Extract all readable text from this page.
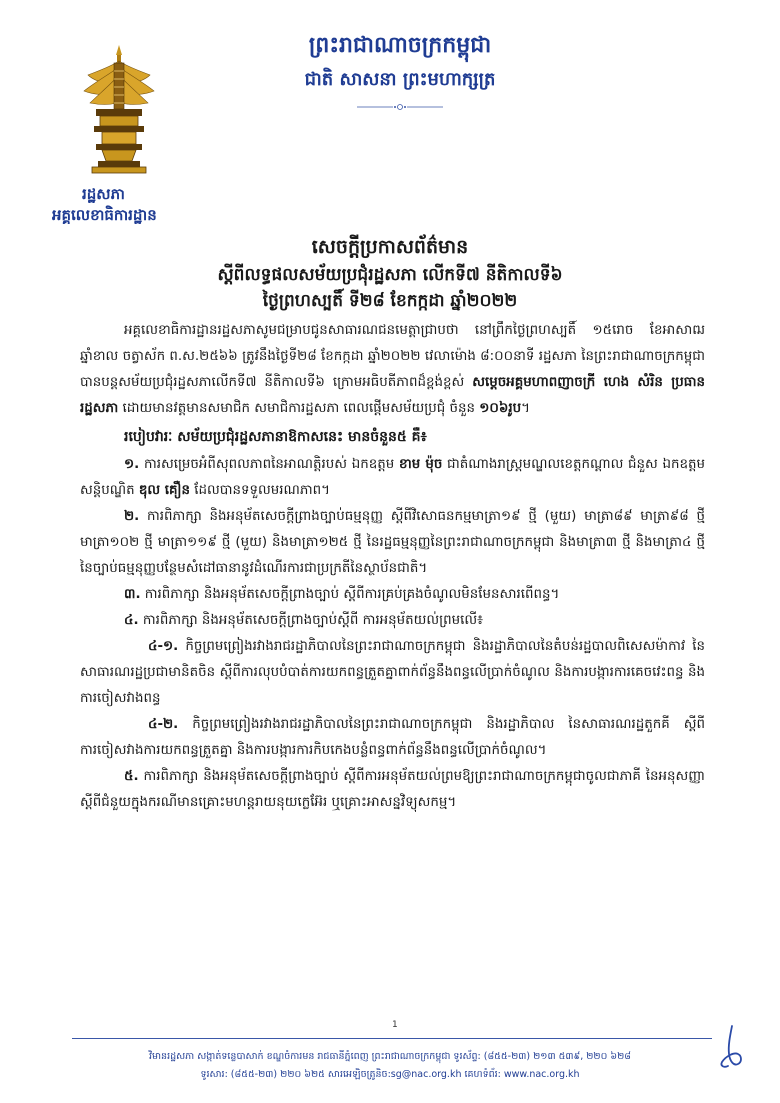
រដ្ឋសភា
អគ្គលេខាធិការដ្ឋាន
ព្រះរាជាណាចក្រកម្ពុជា
ជាតិ សាសនា ព្រះមហាក្សត្រ
សេចក្ដីប្រកាសព័ត៌មាន
ស្ដីពីលទ្ធផលសម័យប្រជុំរដ្ឋសភា លើកទី៧ នីតិកាលទី៦
ថ្ងៃព្រហស្បតិ៍ ទី២៨ ខែកក្កដា ឆ្នាំ២០២២

អគ្គលេខាធិការដ្ឋានរដ្ឋសភាសូមជម្រាបជូនសាធារណជនមេត្តាជ្រាបថា នៅព្រឹកថ្ងៃព្រហស្បតិ៍ ១៥រោច ខែអាសាឍ ឆ្នាំខាល ចត្វាស័ក ព.ស.២៥៦៦ ត្រូវនឹងថ្ងៃទី២៨ ខែកក្កដា ឆ្នាំ២០២២ វេលាម៉ោង ៨:០០នាទី រដ្ឋសភា នៃព្រះរាជាណាចក្រកម្ពុជា បានបន្ដសម័យប្រជុំរដ្ឋសភាលើកទី៧ នីតិកាលទី៦ ក្រោមអធិបតីភាពដ៏ខ្ពង់ខ្ពស់ សម្ដេចអគ្គមហាពញាចក្រី ហេង សំរិន ប្រធានរដ្ឋសភា ដោយមានវត្តមានសមាជិក សមាជិការដ្ឋសភា ពេលផ្ដើមសម័យប្រជុំ ចំនួន ១០៦រូប។

របៀបវារៈ សម័យប្រជុំរដ្ឋសភានាឱកាសនេះ មានចំនួន៥ គឺ៖

១. ការសម្រេចអំពីសុពលភាពនៃអាណត្តិរបស់ ឯកឧត្ដម ខាម ម៉ុច ជាតំណាងរាស្ដ្រមណ្ឌលខេត្តកណ្ដាល ជំនួស ឯកឧត្ដមសន្ដិបណ្ឌិត ឌុល គឿន ដែលបានទទួលមរណភាព។

២. ការពិភាក្សា និងអនុម័តសេចក្ដីព្រាងច្បាប់ធម្មនុញ្ញ ស្ដីពីវិសោធនកម្មមាត្រា១៩ ថ្មី (មួយ) មាត្រា៨៩ មាត្រា៩៨ ថ្មី មាត្រា១០២ ថ្មី មាត្រា១១៩ ថ្មី (មួយ) និងមាត្រា១២៥ ថ្មី នៃរដ្ឋធម្មនុញ្ញនៃព្រះរាជាណាចក្រកម្ពុជា និងមាត្រា៣ ថ្មី និងមាត្រា៤ ថ្មី នៃច្បាប់ធម្មនុញ្ញបន្ថែមសំដៅធានានូវដំណើរការជាប្រក្រតីនៃស្ថាប័នជាតិ។

៣. ការពិភាក្សា និងអនុម័តសេចក្ដីព្រាងច្បាប់ ស្ដីពីការគ្រប់គ្រងចំណូលមិនមែនសារពើពន្ធ។

៤. ការពិភាក្សា និងអនុម័តសេចក្ដីព្រាងច្បាប់ស្ដីពី ការអនុម័តយល់ព្រមលើ៖

៤-១. កិច្ចព្រមព្រៀងរវាងរាជរដ្ឋាភិបាលនៃព្រះរាជាណាចក្រកម្ពុជា និងរដ្ឋាភិបាលនៃតំបន់រដ្ឋបាលពិសេសម៉ាកាវ នៃសាធារណរដ្ឋប្រជាមានិតចិន ស្ដីពីការលុបបំបាត់ការយកពន្ធត្រួតគ្នាពាក់ព័ន្ធនឹងពន្ធលើប្រាក់ចំណូល និងការបង្ការការគេចវេះពន្ធ និងការចៀសវាងពន្ធ

៤-២. កិច្ចព្រមព្រៀងរវាងរាជរដ្ឋាភិបាលនៃព្រះរាជាណាចក្រកម្ពុជា និងរដ្ឋាភិបាល នៃសាធារណរដ្ឋតួកគី ស្ដីពីការចៀសវាងការយកពន្ធត្រួតគ្នា និងការបង្ការការកិបកេងបន្លំពន្ធពាក់ព័ន្ធនឹងពន្ធលើប្រាក់ចំណូល។

៥. ការពិភាក្សា និងអនុម័តសេចក្ដីព្រាងច្បាប់ ស្ដីពីការអនុម័តយល់ព្រមឱ្យព្រះរាជាណាចក្រកម្ពុជាចូលជាភាគី នៃអនុសញ្ញាស្ដីពីជំនួយក្នុងករណីមានគ្រោះមហន្តរាយនុយក្លេអ៊ែរ ឬគ្រោះអាសន្នវិទ្យុសកម្ម។

1
វិមានរដ្ឋសភា សង្កាត់ទន្លេបាសាក់ ខណ្ឌចំការមន រាជធានីភ្នំពេញ ព្រះរាជាណាចក្រកម្ពុជា ទូរស័ព្ទ: (៨៥៥-២៣) ២១៣ ៥៣៩, ២២០ ៦២៨
ទូរសារ: (៨៥៥-២៣) ២២០ ៦២៥ សារអេឡិចត្រូនិច:sg@nac.org.kh គេហទំព័រ: www.nac.org.kh
